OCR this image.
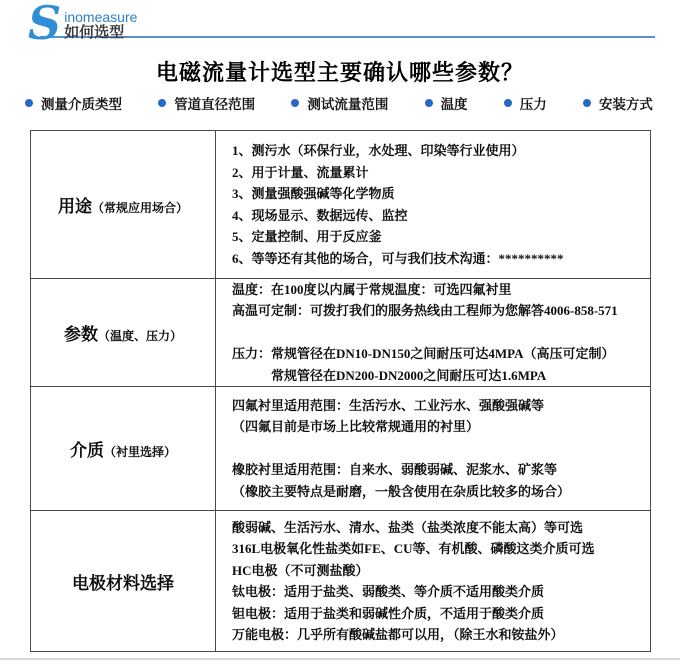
S inomeasure
如何选型
电磁流量计选型主要确认哪些参数？
测量介质类型	管道直径范围	测试流量范围	温度	压力	安装方式
用途（常规应用场合）
1、测污水（环保行业，水处理、印染等行业使用）
2、用于计量、流量累计
3、测量强酸强碱等化学物质
4、现场显示、数据远传、监控
5、定量控制、用于反应釜
6、等等还有其他的场合，可与我们技术沟通：**********
参数（温度、压力）
温度：在100度以内属于常规温度：可选四氟衬里
高温可定制：可拨打我们的服务热线由工程师为您解答4006-858-571
压力：常规管径在DN10-DN150之间耐压可达4MPA（高压可定制）
　　　常规管径在DN200-DN2000之间耐压可达1.6MPA
介质（衬里选择）
四氟衬里适用范围：生活污水、工业污水、强酸强碱等
（四氟目前是市场上比较常规通用的衬里）
橡胶衬里适用范围：自来水、弱酸弱碱、泥浆水、矿浆等
（橡胶主要特点是耐磨，一般含使用在杂质比较多的场合）
电极材料选择
酸弱碱、生活污水、清水、盐类（盐类浓度不能太高）等可选
316L电极氧化性盐类如FE、CU等、有机酸、磷酸这类介质可选
HC电极（不可测盐酸）
钛电极：适用于盐类、弱酸类、等介质不适用酸类介质
钽电极：适用于盐类和弱碱性介质，不适用于酸类介质
万能电极：几乎所有酸碱盐都可以用，（除王水和铵盐外）
